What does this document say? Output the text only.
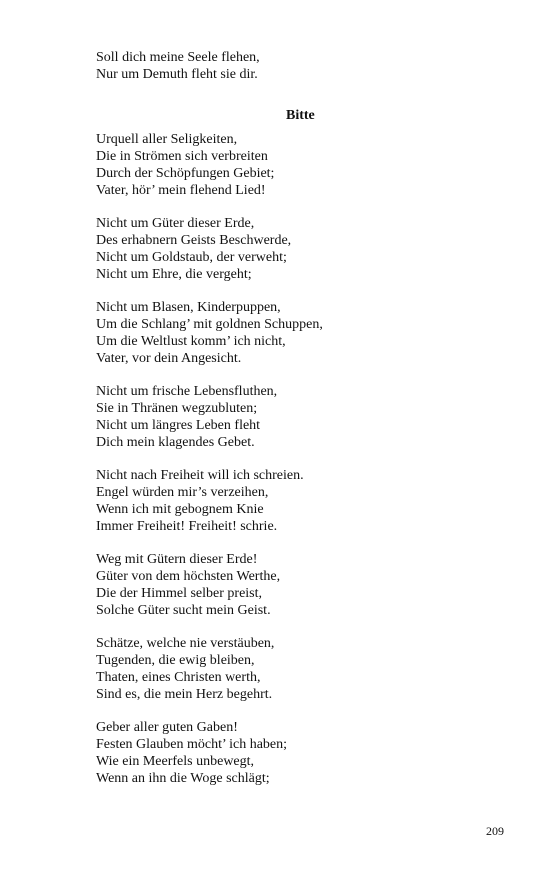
Soll dich meine Seele flehen,

Nur um Demuth fleht sie dir.

Bitte

Urquell aller Seligkeiten,

Die in Strömen sich verbreiten

Durch der Schöpfungen Gebiet;

Vater, hör’ mein flehend Lied!

Nicht um Güter dieser Erde,

Des erhabnern Geists Beschwerde,

Nicht um Goldstaub, der verweht;

Nicht um Ehre, die vergeht;

Nicht um Blasen, Kinderpuppen,

Um die Schlang’ mit goldnen Schuppen,

Um die Weltlust komm’ ich nicht,

Vater, vor dein Angesicht.

Nicht um frische Lebensfluthen,

Sie in Thränen wegzubluten;

Nicht um längres Leben fleht

Dich mein klagendes Gebet.

Nicht nach Freiheit will ich schreien.

Engel würden mir’s verzeihen,

Wenn ich mit gebognem Knie

Immer Freiheit! Freiheit! schrie.

Weg mit Gütern dieser Erde!

Güter von dem höchsten Werthe,

Die der Himmel selber preist,

Solche Güter sucht mein Geist.

Schätze, welche nie verstäuben,

Tugenden, die ewig bleiben,

Thaten, eines Christen werth,

Sind es, die mein Herz begehrt.

Geber aller guten Gaben!

Festen Glauben möcht’ ich haben;

Wie ein Meerfels unbewegt,

Wenn an ihn die Woge schlägt;

209
